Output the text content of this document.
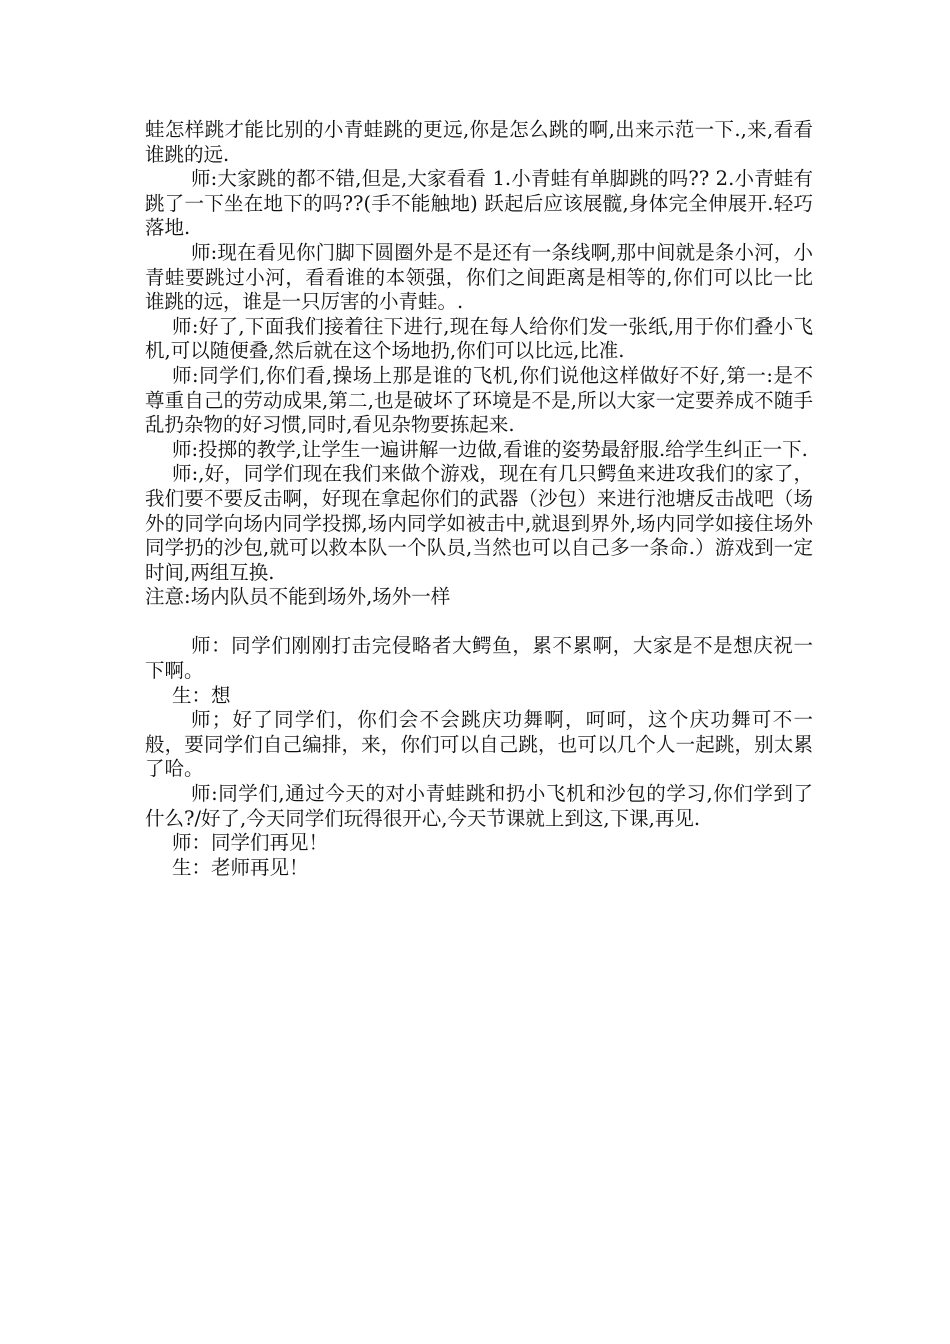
蛙怎样跳才能比别的小青蛙跳的更远,你是怎么跳的啊,出来示范一下.,来,看看谁跳的远.

师:大家跳的都不错,但是,大家看看 1.小青蛙有单脚跳的吗?? 2.小青蛙有跳了一下坐在地下的吗??(手不能触地) 跃起后应该展髋,身体完全伸展开.轻巧落地.

师:现在看见你门脚下圆圈外是不是还有一条线啊,那中间就是条小河，小青蛙要跳过小河，看看谁的本领强，你们之间距离是相等的,你们可以比一比谁跳的远，谁是一只厉害的小青蛙。.

师:好了,下面我们接着往下进行,现在每人给你们发一张纸,用于你们叠小飞机,可以随便叠,然后就在这个场地扔,你们可以比远,比准.

师:同学们,你们看,操场上那是谁的飞机,你们说他这样做好不好,第一:是不尊重自己的劳动成果,第二,也是破坏了环境是不是,所以大家一定要养成不随手乱扔杂物的好习惯,同时,看见杂物要拣起来.

师:投掷的教学,让学生一遍讲解一边做,看谁的姿势最舒服.给学生纠正一下.

师:,好，同学们现在我们来做个游戏，现在有几只鳄鱼来进攻我们的家了，我们要不要反击啊，好现在拿起你们的武器（沙包）来进行池塘反击战吧（场外的同学向场内同学投掷,场内同学如被击中,就退到界外,场内同学如接住场外同学扔的沙包,就可以救本队一个队员,当然也可以自己多一条命.）游戏到一定时间,两组互换.

注意:场内队员不能到场外,场外一样

师：同学们刚刚打击完侵略者大鳄鱼，累不累啊，大家是不是想庆祝一下啊。

生：想

师；好了同学们，你们会不会跳庆功舞啊，呵呵，这个庆功舞可不一般，要同学们自己编排，来，你们可以自己跳，也可以几个人一起跳，别太累了哈。

师:同学们,通过今天的对小青蛙跳和扔小飞机和沙包的学习,你们学到了什么?/好了,今天同学们玩得很开心,今天节课就上到这,下课,再见.

师：同学们再见！

生：老师再见！
